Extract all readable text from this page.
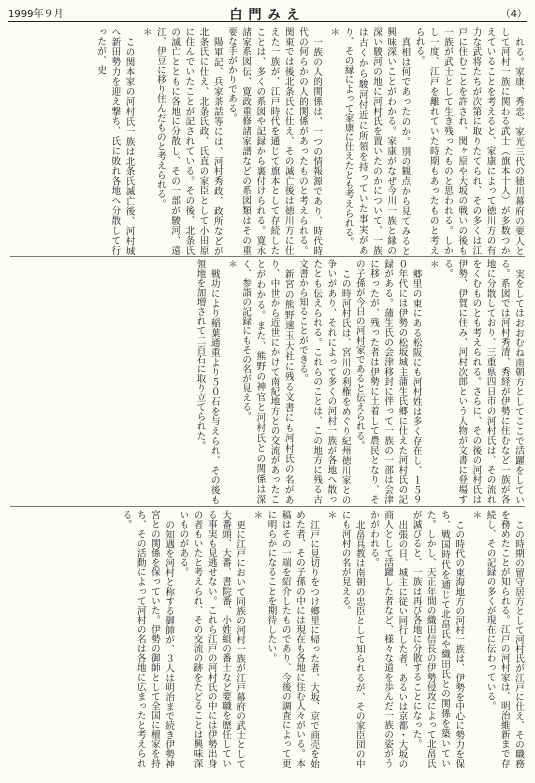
1999年９月	白門みえ	（4）

れる。家康、秀忠、家光三代の徳川幕府の要人として河村一族に関わる武士（旗本十人）が多数つかえていることを考えると、家康によって徳川方の有力な武将たちが次第に取りたてられ、その多くは江戸に住むことを許され、関ヶ原や大坂の戦いの後も一族が武士として生き残ったものと思われる。しかし一度、江戸を離れていた時期もあったものと考えられる。

真相は何であったのか。別の観点から見てみると興味深いことがわかる。家康がなぜ今川一族と縁の深い駿河の地に河村氏を置いたのかについて、一族は古くから駿河付近に所領を持っていた事実があり、その縁によって家康に仕えたとも考えられる。

＊

一族の人的関係は、一つの情報源であり、時代時代の何らかの人的関係があったものと考えられる。関東では後北条氏に仕え、その滅亡後は徳川方に仕えた一族が、江戸時代を通じて旗本として存続したことは、多くの系図や記録から裏付けられる。寛永諸家系図伝、寛政重修諸家譜などの系図類はその重要な手がかりである。

陽軍記、兵家茶話等には、河村秀政、政所などが北条氏に仕え、北条氏政、氏直の家臣として小田原に住んでいたことが記されている。その後、北条氏の滅亡とともに各地に分散し、その一部が駿河、遠江、伊豆に移り住んだものと考えられる。

＊

この関本家の河村氏一族は北条氏滅亡後、河村城へ新田勢力を迎え撃ち、氏に敗れ各地へ分散して行ったが、史

実をしてはおおむね南朝方としてここで活躍をしている。系図では河村秀清、秀経が伊勢に住むなど一族が各地に分散しており、三重県四日市の河村氏は、その流れをくむものとも考えられる。さらに、その後の河村氏は伊勢、伊賀に住み、河村次郎という人物が文書に登場する。

＊

郷里の東にある松阪にも河村姓は多く存在し、１５９０年代には伊勢の松坂城主蒲生氏郷に仕えた河村氏の記録がある。蒲生氏の会津移封に伴って一族の一部は会津に移ったが、残った者は伊勢に土着して農民となり、その子孫が今日の河村家であると伝えられる。

この時河村氏は、宮川の利権をめぐり紀州徳川家との争いがあり、それによって多くの河村一族が各地へ散ったとも伝えられる。これらのことは、この地方に残る古文書から知ることができる。

新宮の熊野速玉大社に残る文書にも河村氏の名があり、中世から近世にかけて南紀地方との交流があったことがわかる。また、熊野の神官と河村氏との関係は深く、参詣の記録にもその名が見える。

＊

戦功により稲葉通重より５０石を与えられ、その後も領地を加増されて二百石に取り立てられた。

この時期の留守居方として河村氏が江戸に仕え、その職務を務めたことが知られる。江戸の河村家は、明治維新まで存続し、その記録の多くが現在に伝わっている。

＊

この時代の東海地方の河村一族は、伊勢を中心に勢力を保ち、戦国時代を通じて北畠氏や織田氏との関係を築いていた。しかし、天正年間の織田信長の伊勢侵攻によって北畠氏が滅びると、一族は再び各地に分散することになった。

出張の日、城主に従い同行した者、あるいは京都・大坂の商人として活躍した者など、様々な道を歩んだ一族の姿がうかがわれる。

北畠具教は南朝の忠臣として知られるが、その家臣団の中にも河村の名が見える。

＊

江戸に見切りをつけ郷里に帰った者、大坂、京で商売を始めた者、その子孫の中には現在も各地に住む人々がいる。本稿はその一端を紹介したものであり、今後の調査によって更に明らかになることを期待したい。

＊

更に江戸において同族の河村一族が江戸幕府の武士として大番頭、大番、書院番、小姓組の番士など要職を歴任している事実も見逃せない。これら江戸の河村氏の中には伊勢出身の者もいたと考えられ、その交流の跡をたどることは興味深いものがある。

の知遇を河村と称する御師が、３人は明治まで続き伊勢神宮との関係を保っていた。伊勢の御師として全国に檀家を持ち、その活動によって河村の名は各地に広まったと考えられる。
